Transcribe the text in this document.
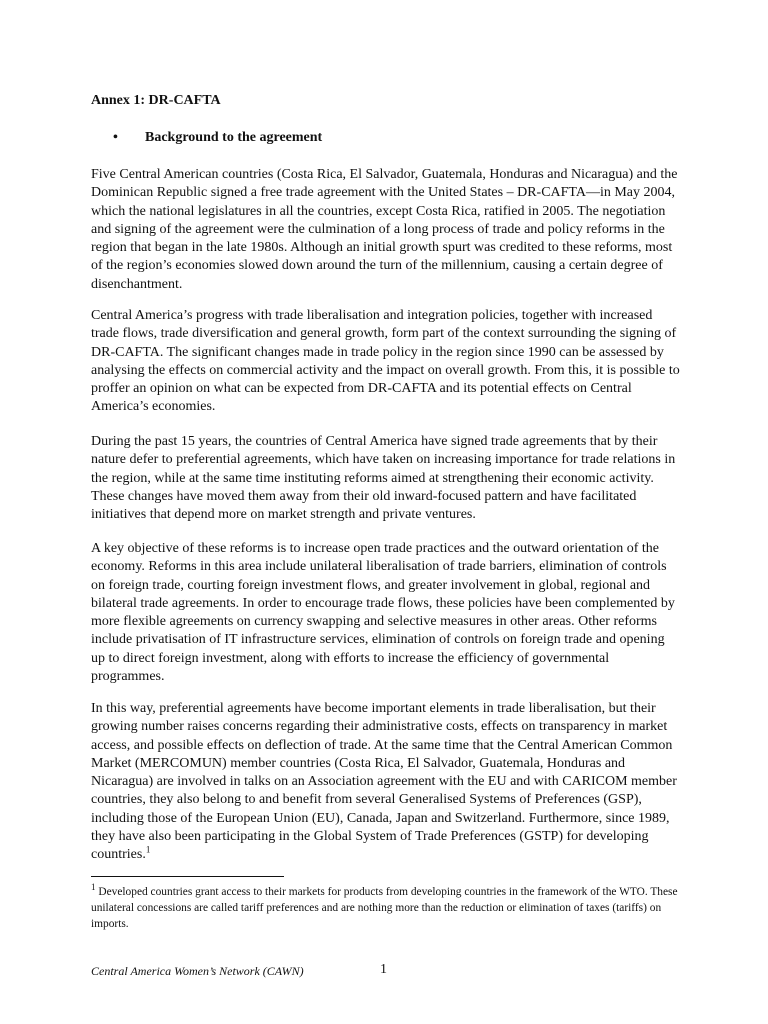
Annex 1: DR-CAFTA
• Background to the agreement

Five Central American countries (Costa Rica, El Salvador, Guatemala, Honduras and Nicaragua) and the Dominican Republic signed a free trade agreement with the United States – DR-CAFTA—in May 2004, which the national legislatures in all the countries, except Costa Rica, ratified in 2005. The negotiation and signing of the agreement were the culmination of a long process of trade and policy reforms in the region that began in the late 1980s. Although an initial growth spurt was credited to these reforms, most of the region’s economies slowed down around the turn of the millennium, causing a certain degree of disenchantment.

Central America’s progress with trade liberalisation and integration policies, together with increased trade flows, trade diversification and general growth, form part of the context surrounding the signing of DR-CAFTA. The significant changes made in trade policy in the region since 1990 can be assessed by analysing the effects on commercial activity and the impact on overall growth. From this, it is possible to proffer an opinion on what can be expected from DR-CAFTA and its potential effects on Central America’s economies.

During the past 15 years, the countries of Central America have signed trade agreements that by their nature defer to preferential agreements, which have taken on increasing importance for trade relations in the region, while at the same time instituting reforms aimed at strengthening their economic activity. These changes have moved them away from their old inward-focused pattern and have facilitated initiatives that depend more on market strength and private ventures.

A key objective of these reforms is to increase open trade practices and the outward orientation of the economy. Reforms in this area include unilateral liberalisation of trade barriers, elimination of controls on foreign trade, courting foreign investment flows, and greater involvement in global, regional and bilateral trade agreements. In order to encourage trade flows, these policies have been complemented by more flexible agreements on currency swapping and selective measures in other areas. Other reforms include privatisation of IT infrastructure services, elimination of controls on foreign trade and opening up to direct foreign investment, along with efforts to increase the efficiency of governmental programmes.

In this way, preferential agreements have become important elements in trade liberalisation, but their growing number raises concerns regarding their administrative costs, effects on transparency in market access, and possible effects on deflection of trade. At the same time that the Central American Common Market (MERCOMUN) member countries (Costa Rica, El Salvador, Guatemala, Honduras and Nicaragua) are involved in talks on an Association agreement with the EU and with CARICOM member countries, they also belong to and benefit from several Generalised Systems of Preferences (GSP), including those of the European Union (EU), Canada, Japan and Switzerland. Furthermore, since 1989, they have also been participating in the Global System of Trade Preferences (GSTP) for developing countries.$^1$

$^1$ Developed countries grant access to their markets for products from developing countries in the framework of the WTO. These unilateral concessions are called tariff preferences and are nothing more than the reduction or elimination of taxes (tariffs) on imports.

Central America Women’s Network (CAWN)	1
